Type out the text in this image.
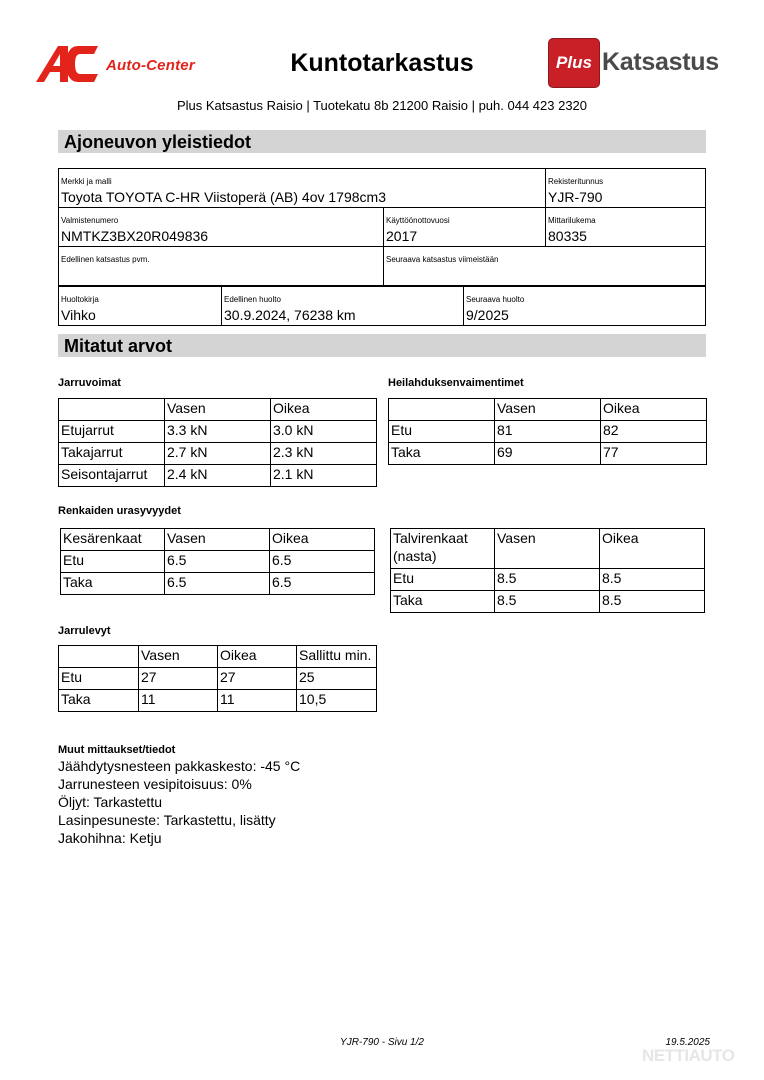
Auto-Center	Kuntotarkastus	Plus Katsastus
Plus Katsastus Raisio | Tuotekatu 8b 21200 Raisio | puh. 044 423 2320
Ajoneuvon yleistiedot
Merkki ja malli
Toyota TOYOTA C-HR Viistoperä (AB) 4ov 1798cm3
Rekisteritunnus
YJR-790
Valmistenumero
NMTKZ3BX20R049836
Käyttöönottovuosi
2017
Mittarilukema
80335
Edellinen katsastus pvm.	Seuraava katsastus viimeistään
Huoltokirja
Vihko
Edellinen huolto
30.9.2024, 76238 km
Seuraava huolto
9/2025
Mitatut arvot
Jarruvoimat
	Vasen	Oikea
Etujarrut	3.3 kN	3.0 kN
Takajarrut	2.7 kN	2.3 kN
Seisontajarrut	2.4 kN	2.1 kN
Heilahduksenvaimentimet
	Vasen	Oikea
Etu	81	82
Taka	69	77
Renkaiden urasyvyydet
Kesärenkaat	Vasen	Oikea
Etu	6.5	6.5
Taka	6.5	6.5
Talvirenkaat (nasta)	Vasen	Oikea
Etu	8.5	8.5
Taka	8.5	8.5
Jarrulevyt
	Vasen	Oikea	Sallittu min.
Etu	27	27	25
Taka	11	11	10,5
Muut mittaukset/tiedot
Jäähdytysnesteen pakkaskesto: -45 °C
Jarrunesteen vesipitoisuus: 0%
Öljyt: Tarkastettu
Lasinpesuneste: Tarkastettu, lisätty
Jakohihna: Ketju
YJR-790 - Sivu 1/2	19.5.2025
NETTIAUTO
